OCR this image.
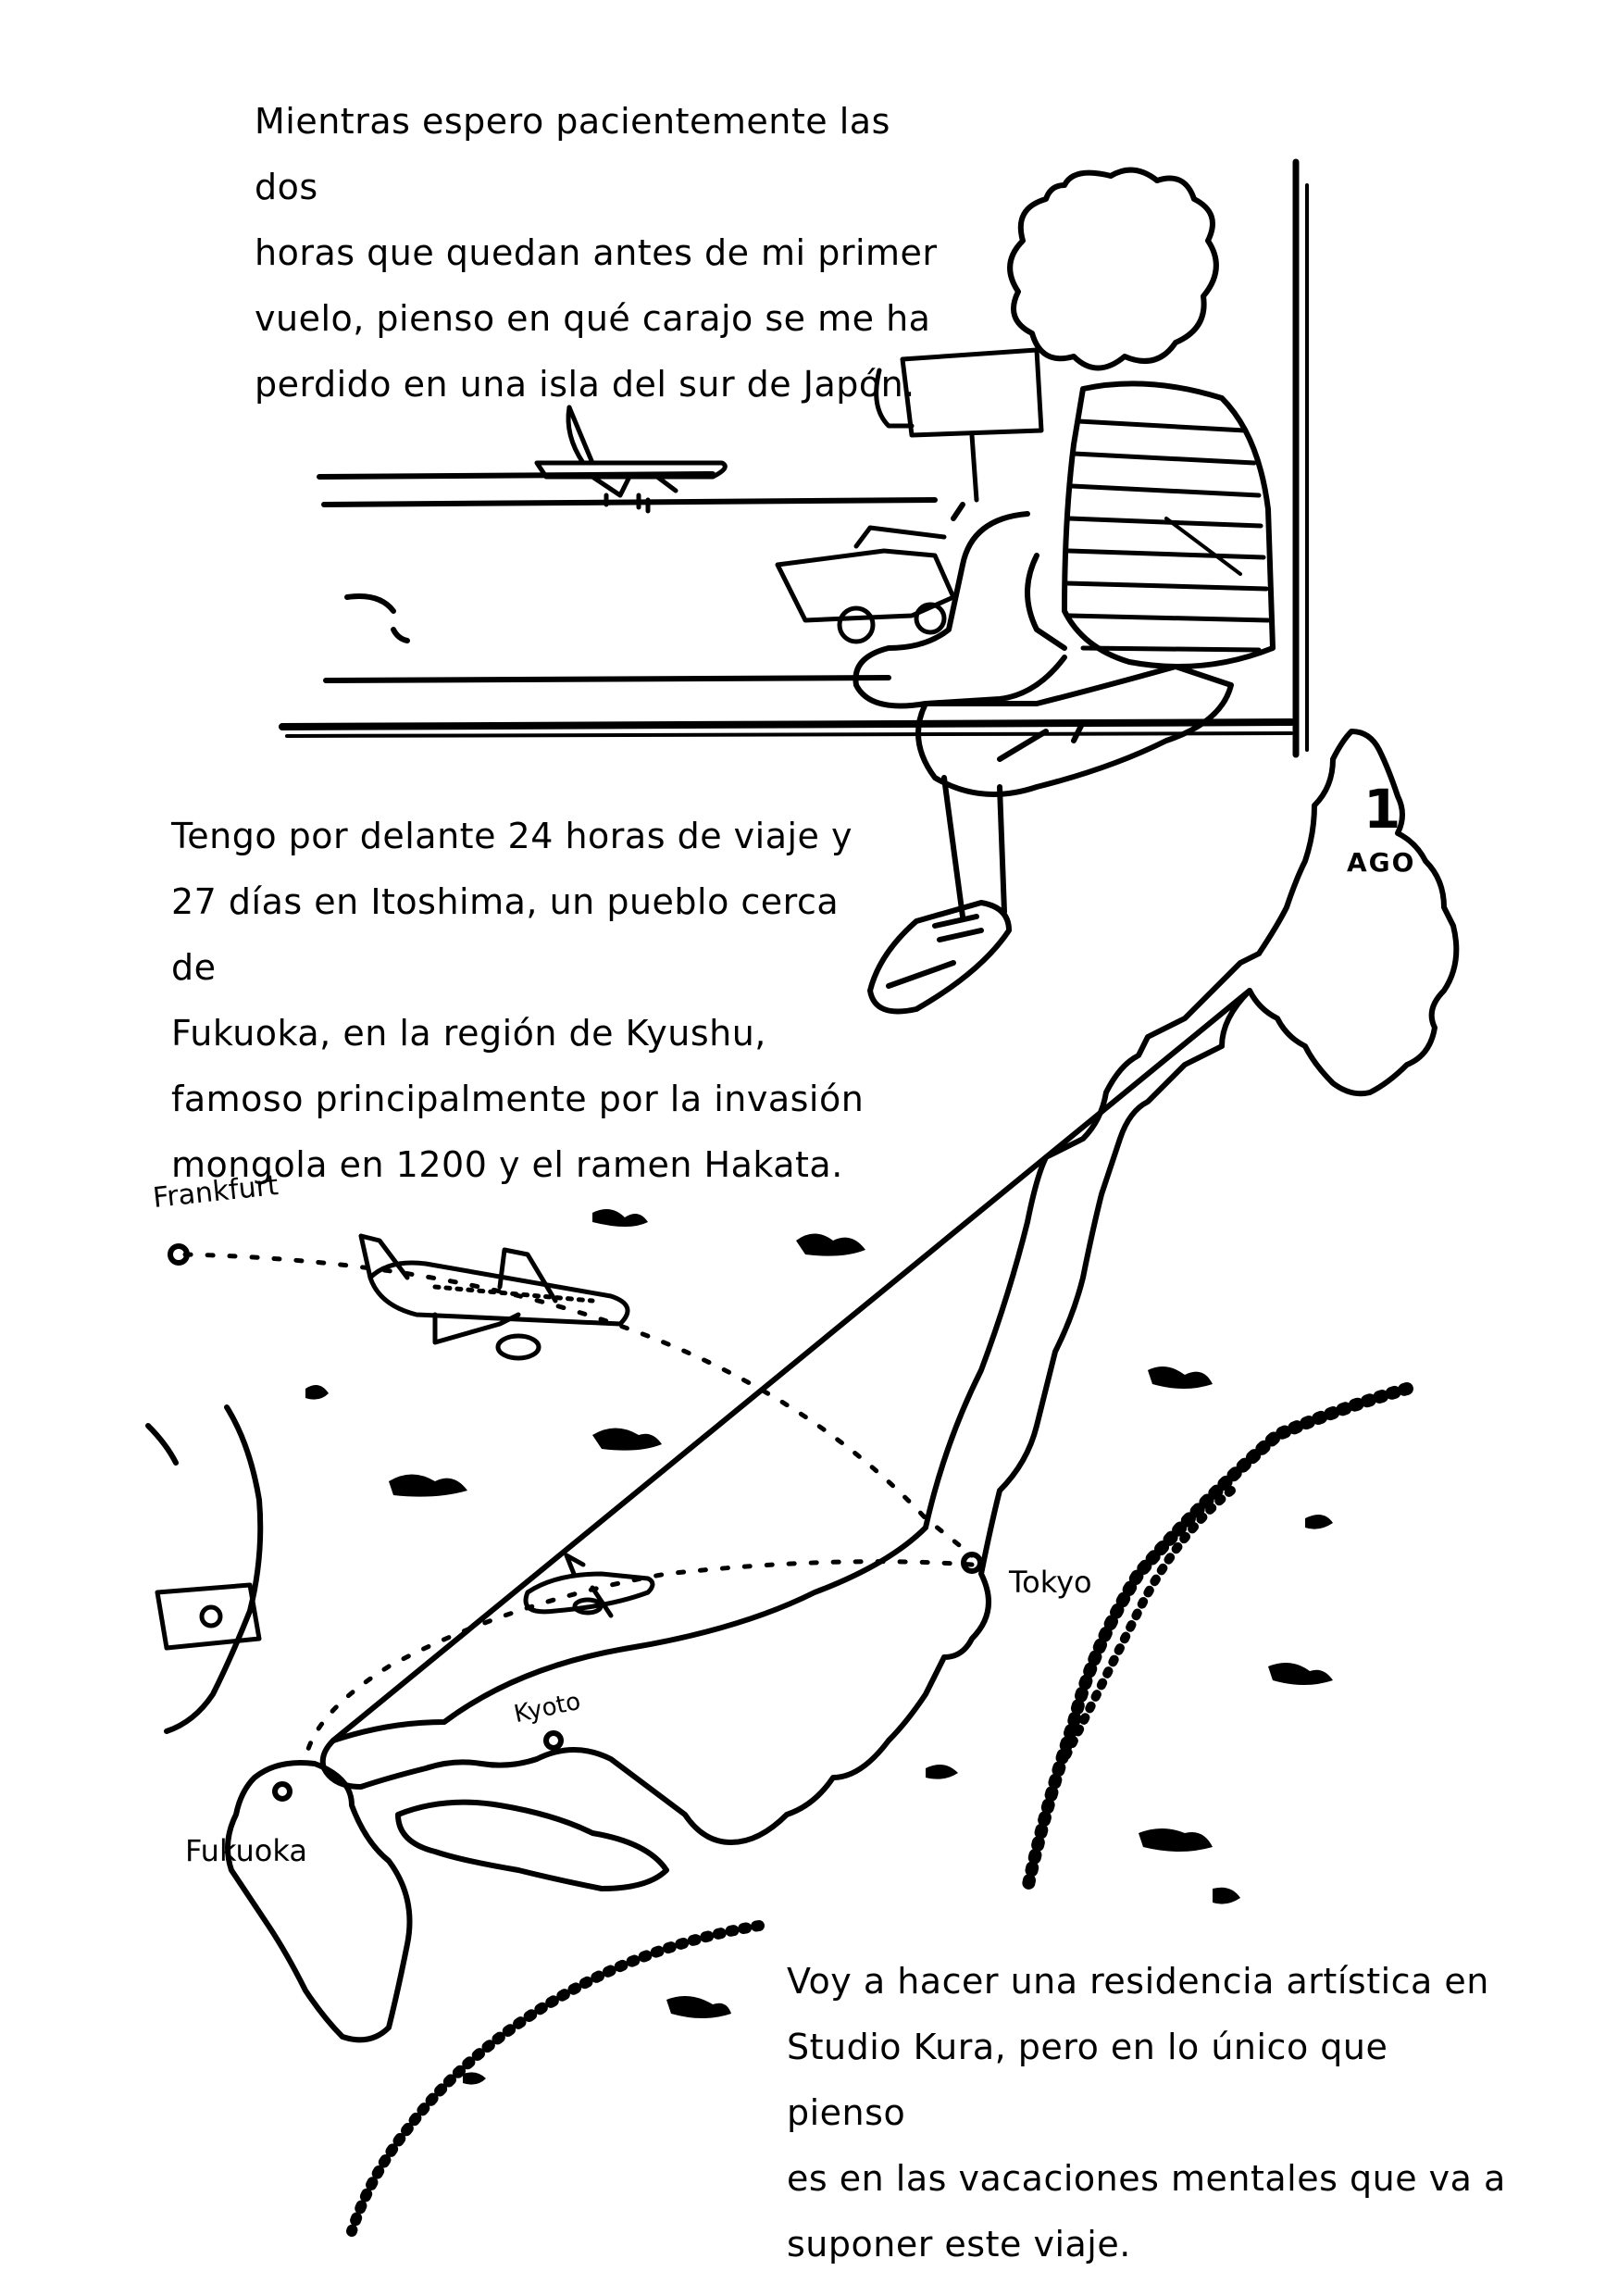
Mientras espero pacientemente las dos
horas que quedan antes de mi primer
vuelo, pienso en qué carajo se me ha
perdido en una isla del sur de Japón.

Tengo por delante 24 horas de viaje y
27 días en Itoshima, un pueblo cerca de
Fukuoka, en la región de Kyushu,
famoso principalmente por la invasión
mongola en 1200 y el ramen Hakata.

Voy a hacer una residencia artística en
Studio Kura, pero en lo único que pienso
es en las vacaciones mentales que va a
suponer este viaje.

1
AGO
Frankfurt
Tokyo
Kyoto
Fukuoka
